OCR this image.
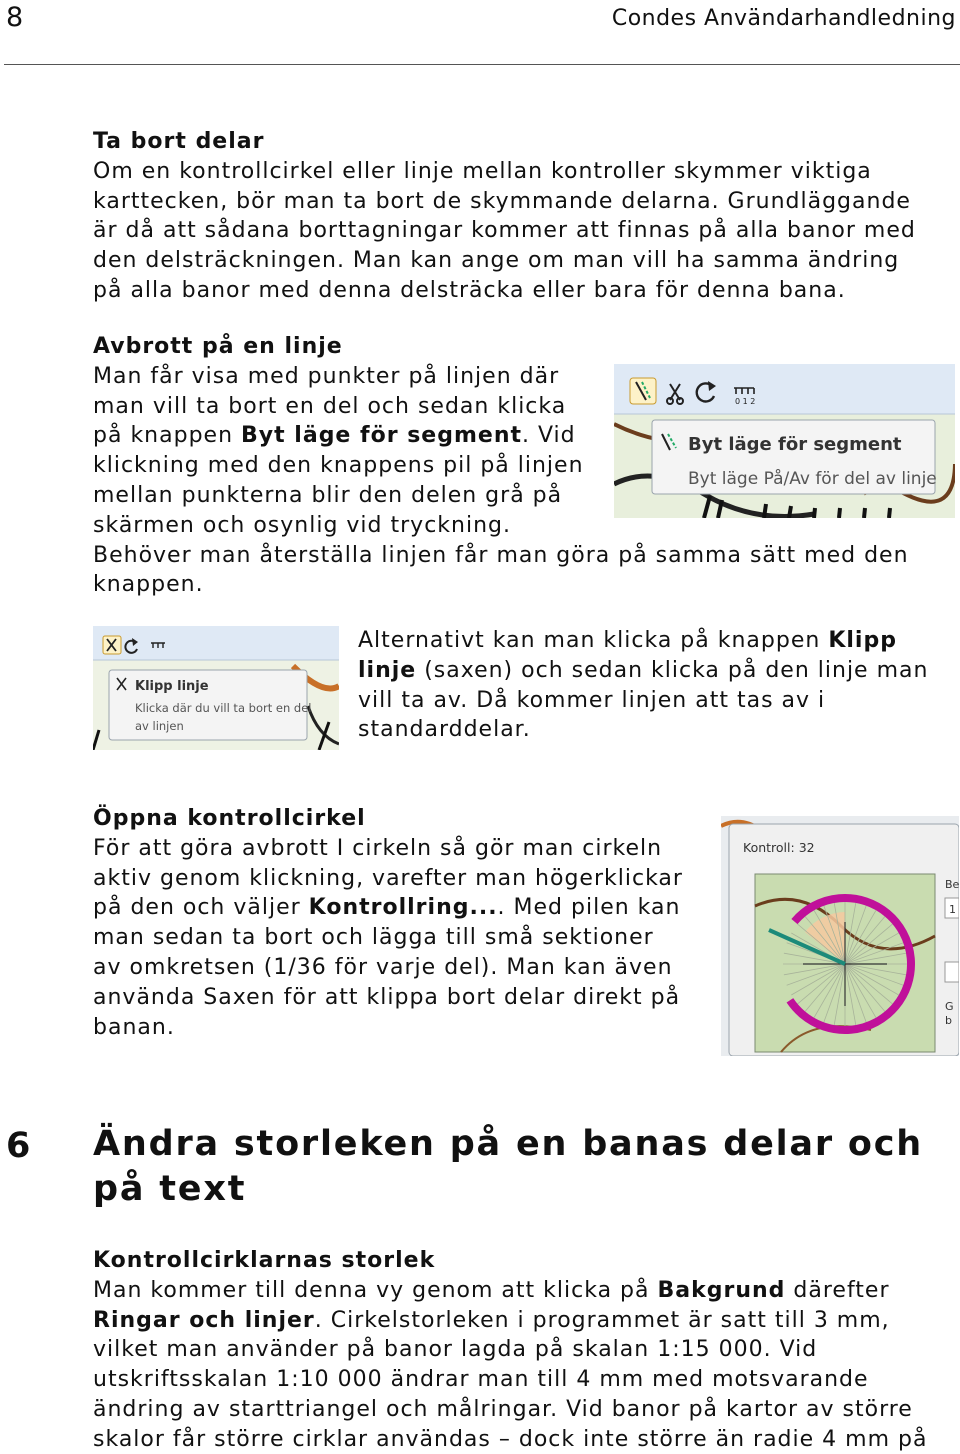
8	Condes Användarhandledning
Ta bort delar
Om en kontrollcirkel eller linje mellan kontroller skymmer viktiga
karttecken, bör man ta bort de skymmande delarna. Grundläggande
är då att sådana borttagningar kommer att finnas på alla banor med
den delsträckningen. Man kan ange om man vill ha samma ändring
på alla banor med denna delsträcka eller bara för denna bana.
Avbrott på en linje
Man får visa med punkter på linjen där
man vill ta bort en del och sedan klicka
på knappen Byt läge för segment. Vid
klickning med den knappens pil på linjen
mellan punkterna blir den delen grå på
skärmen och osynlig vid tryckning.
Behöver man återställa linjen får man göra på samma sätt med den
knappen.
0 1 2
Byt läge för segment
Byt läge På/Av för del av linje
Alternativt kan man klicka på knappen Klipp
linje (saxen) och sedan klicka på den linje man
vill ta av. Då kommer linjen att tas av i
standarddelar.
Klipp linje
Klicka där du vill ta bort en del
av linjen
Öppna kontrollcirkel
För att göra avbrott I cirkeln så gör man cirkeln
aktiv genom klickning, varefter man högerklickar
på den och väljer Kontrollring.... Med pilen kan
man sedan ta bort och lägga till små sektioner
av omkretsen (1/36 för varje del). Man kan även
använda Saxen för att klippa bort delar direkt på
banan.
Kontroll: 32
Be
1
G
b
6 Ändra storleken på en banas delar och på text
Kontrollcirklarnas storlek
Man kommer till denna vy genom att klicka på Bakgrund därefter
Ringar och linjer. Cirkelstorleken i programmet är satt till 3 mm,
vilket man använder på banor lagda på skalan 1:15 000. Vid
utskriftsskalan 1:10 000 ändrar man till 4 mm med motsvarande
ändring av starttriangel och målringar. Vid banor på kartor av större
skalor får större cirklar användas – dock inte större än radie 4 mm på
